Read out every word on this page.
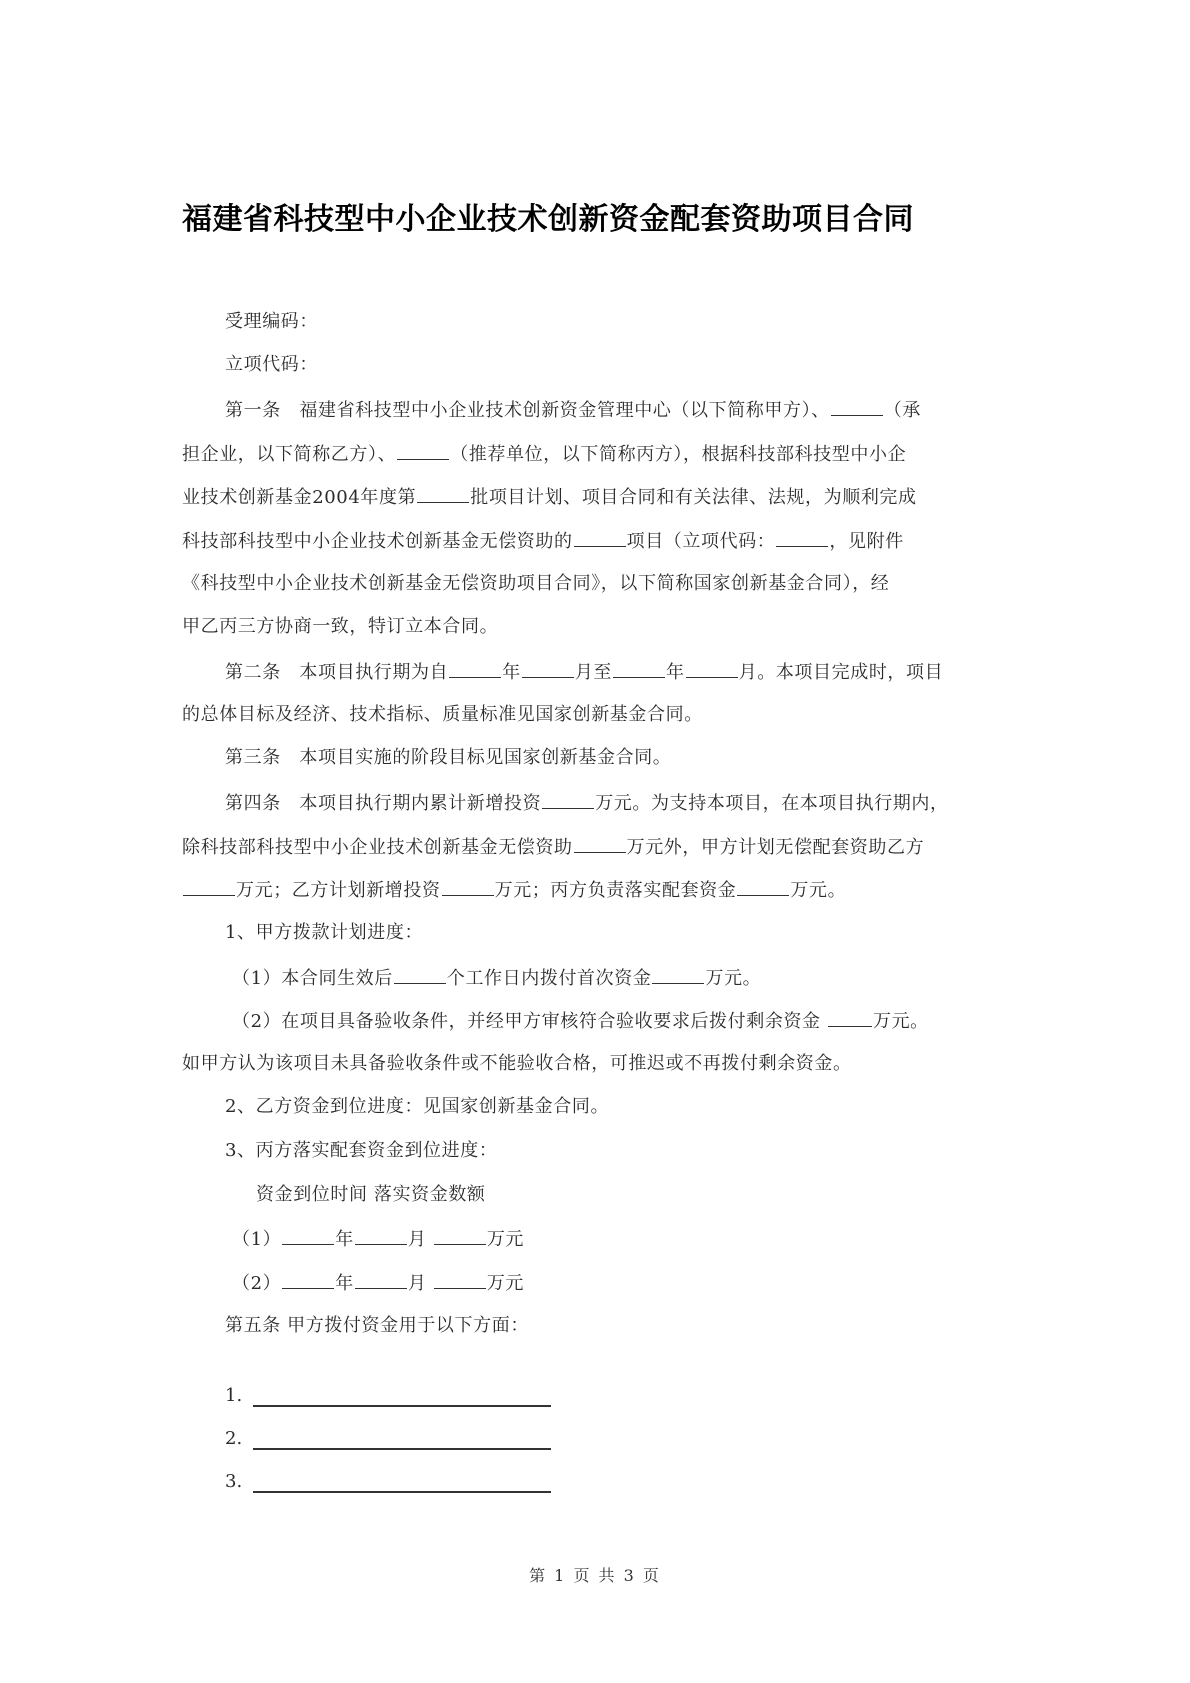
福建省科技型中小企业技术创新资金配套资助项目合同
受理编码：
立项代码：
第一条　福建省科技型中小企业技术创新资金管理中心（以下简称甲方）、	（承
担企业，以下简称乙方）、	（推荐单位，以下简称丙方），根据科技部科技型中小企
业技术创新基金2004年度第	批项目计划、项目合同和有关法律、法规，为顺利完成
科技部科技型中小企业技术创新基金无偿资助的	项目（立项代码：	，见附件
《科技型中小企业技术创新基金无偿资助项目合同》，以下简称国家创新基金合同），经
甲乙丙三方协商一致，特订立本合同。
第二条　本项目执行期为自	年	月至	年	月。本项目完成时，项目
的总体目标及经济、技术指标、质量标准见国家创新基金合同。
第三条　本项目实施的阶段目标见国家创新基金合同。
第四条　本项目执行期内累计新增投资	万元。为支持本项目，在本项目执行期内，
除科技部科技型中小企业技术创新基金无偿资助	万元外，甲方计划无偿配套资助乙方
万元；乙方计划新增投资	万元；丙方负责落实配套资金	万元。
1、甲方拨款计划进度：
（1）本合同生效后	个工作日内拨付首次资金	万元。
（2）在项目具备验收条件，并经甲方审核符合验收要求后拨付剩余资金	万元。
如甲方认为该项目未具备验收条件或不能验收合格，可推迟或不再拨付剩余资金。
2、乙方资金到位进度：见国家创新基金合同。
3、丙方落实配套资金到位进度：
资金到位时间 落实资金数额
（1）	年	月	万元
（2）	年	月	万元
第五条 甲方拨付资金用于以下方面：
1.
2.
3.
第 1 页 共 3 页
